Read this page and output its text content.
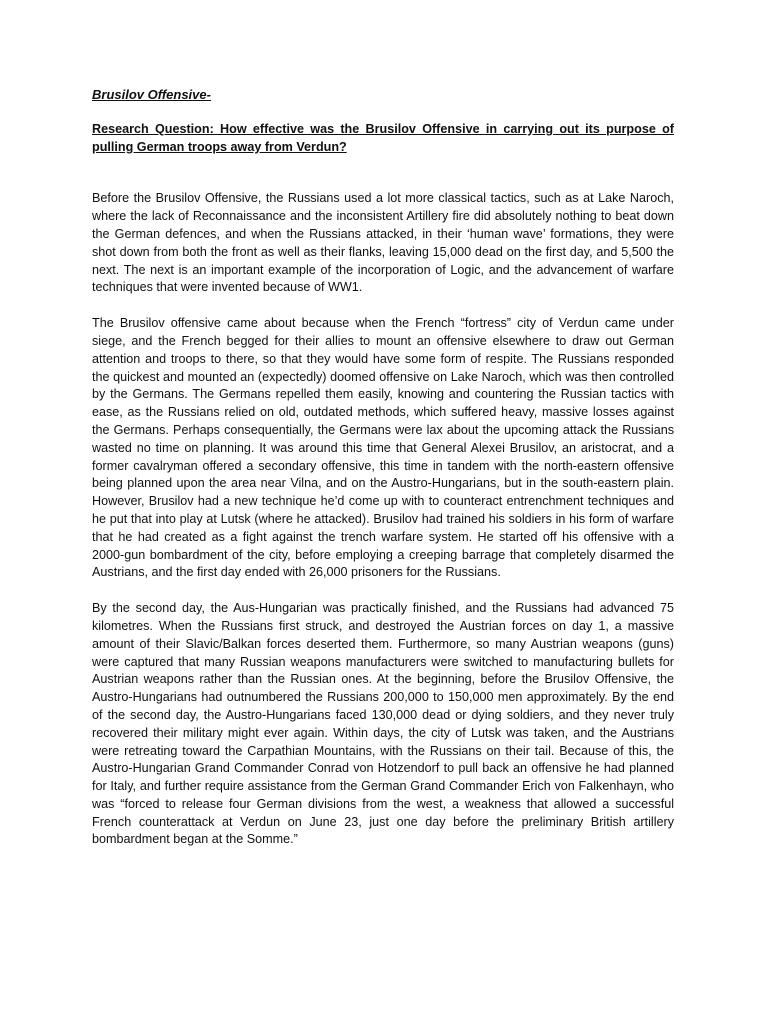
Brusilov Offensive-

Research Question: How effective was the Brusilov Offensive in carrying out its purpose of pulling German troops away from Verdun?

Before the Brusilov Offensive, the Russians used a lot more classical tactics, such as at Lake Naroch, where the lack of Reconnaissance and the inconsistent Artillery fire did absolutely nothing to beat down the German defences, and when the Russians attacked, in their ‘human wave’ formations, they were shot down from both the front as well as their flanks, leaving 15,000 dead on the first day, and 5,500 the next. The next is an important example of the incorporation of Logic, and the advancement of warfare techniques that were invented because of WW1.

The Brusilov offensive came about because when the French “fortress” city of Verdun came under siege, and the French begged for their allies to mount an offensive elsewhere to draw out German attention and troops to there, so that they would have some form of respite. The Russians responded the quickest and mounted an (expectedly) doomed offensive on Lake Naroch, which was then controlled by the Germans. The Germans repelled them easily, knowing and countering the Russian tactics with ease, as the Russians relied on old, outdated methods, which suffered heavy, massive losses against the Germans. Perhaps consequentially, the Germans were lax about the upcoming attack the Russians wasted no time on planning. It was around this time that General Alexei Brusilov, an aristocrat, and a former cavalryman offered a secondary offensive, this time in tandem with the north-eastern offensive being planned upon the area near Vilna, and on the Austro-Hungarians, but in the south-eastern plain. However, Brusilov had a new technique he’d come up with to counteract entrenchment techniques and he put that into play at Lutsk (where he attacked). Brusilov had trained his soldiers in his form of warfare that he had created as a fight against the trench warfare system. He started off his offensive with a 2000-gun bombardment of the city, before employing a creeping barrage that completely disarmed the Austrians, and the first day ended with 26,000 prisoners for the Russians.

By the second day, the Aus-Hungarian was practically finished, and the Russians had advanced 75 kilometres. When the Russians first struck, and destroyed the Austrian forces on day 1, a massive amount of their Slavic/Balkan forces deserted them. Furthermore, so many Austrian weapons (guns) were captured that many Russian weapons manufacturers were switched to manufacturing bullets for Austrian weapons rather than the Russian ones. At the beginning, before the Brusilov Offensive, the Austro-Hungarians had outnumbered the Russians 200,000 to 150,000 men approximately. By the end of the second day, the Austro-Hungarians faced 130,000 dead or dying soldiers, and they never truly recovered their military might ever again. Within days, the city of Lutsk was taken, and the Austrians were retreating toward the Carpathian Mountains, with the Russians on their tail. Because of this, the Austro-Hungarian Grand Commander Conrad von Hotzendorf to pull back an offensive he had planned for Italy, and further require assistance from the German Grand Commander Erich von Falkenhayn, who was “forced to release four German divisions from the west, a weakness that allowed a successful French counterattack at Verdun on June 23, just one day before the preliminary British artillery bombardment began at the Somme.”
